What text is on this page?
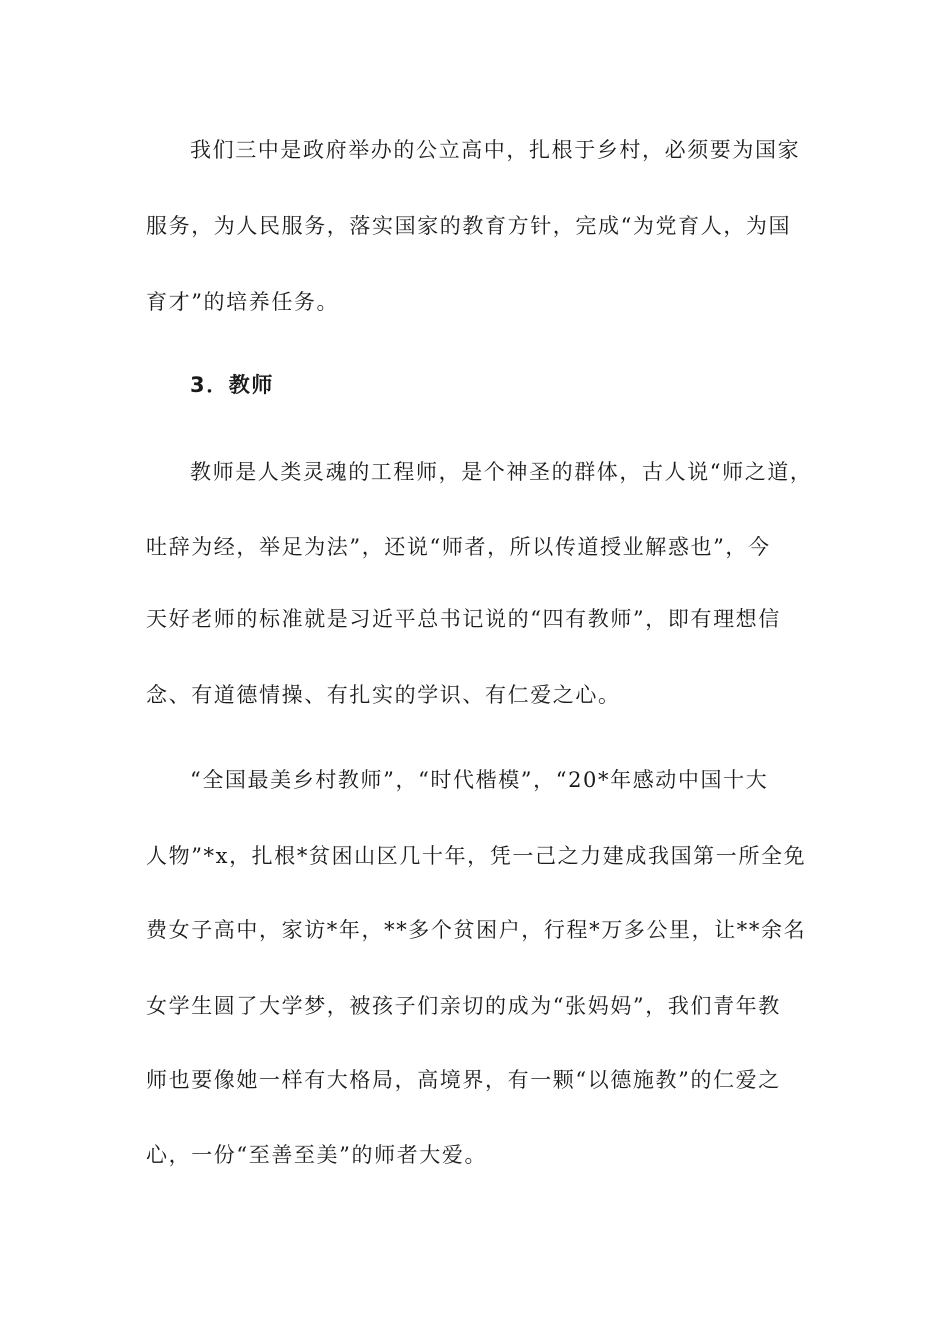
我们三中是政府举办的公立高中，扎根于乡村，必须要为国家
服务，为人民服务，落实国家的教育方针，完成“为党育人，为国
育才”的培养任务。
3．教师
教师是人类灵魂的工程师，是个神圣的群体，古人说“师之道，
吐辞为经，举足为法”，还说“师者，所以传道授业解惑也”，今
天好老师的标准就是习近平总书记说的“四有教师”，即有理想信
念、有道德情操、有扎实的学识、有仁爱之心。
“全国最美乡村教师”，“时代楷模”，“20*年感动中国十大
人物”*x，扎根*贫困山区几十年，凭一己之力建成我国第一所全免
费女子高中，家访*年，**多个贫困户，行程*万多公里，让**余名
女学生圆了大学梦，被孩子们亲切的成为“张妈妈”，我们青年教
师也要像她一样有大格局，高境界，有一颗“以德施教”的仁爱之
心，一份“至善至美”的师者大爱。
